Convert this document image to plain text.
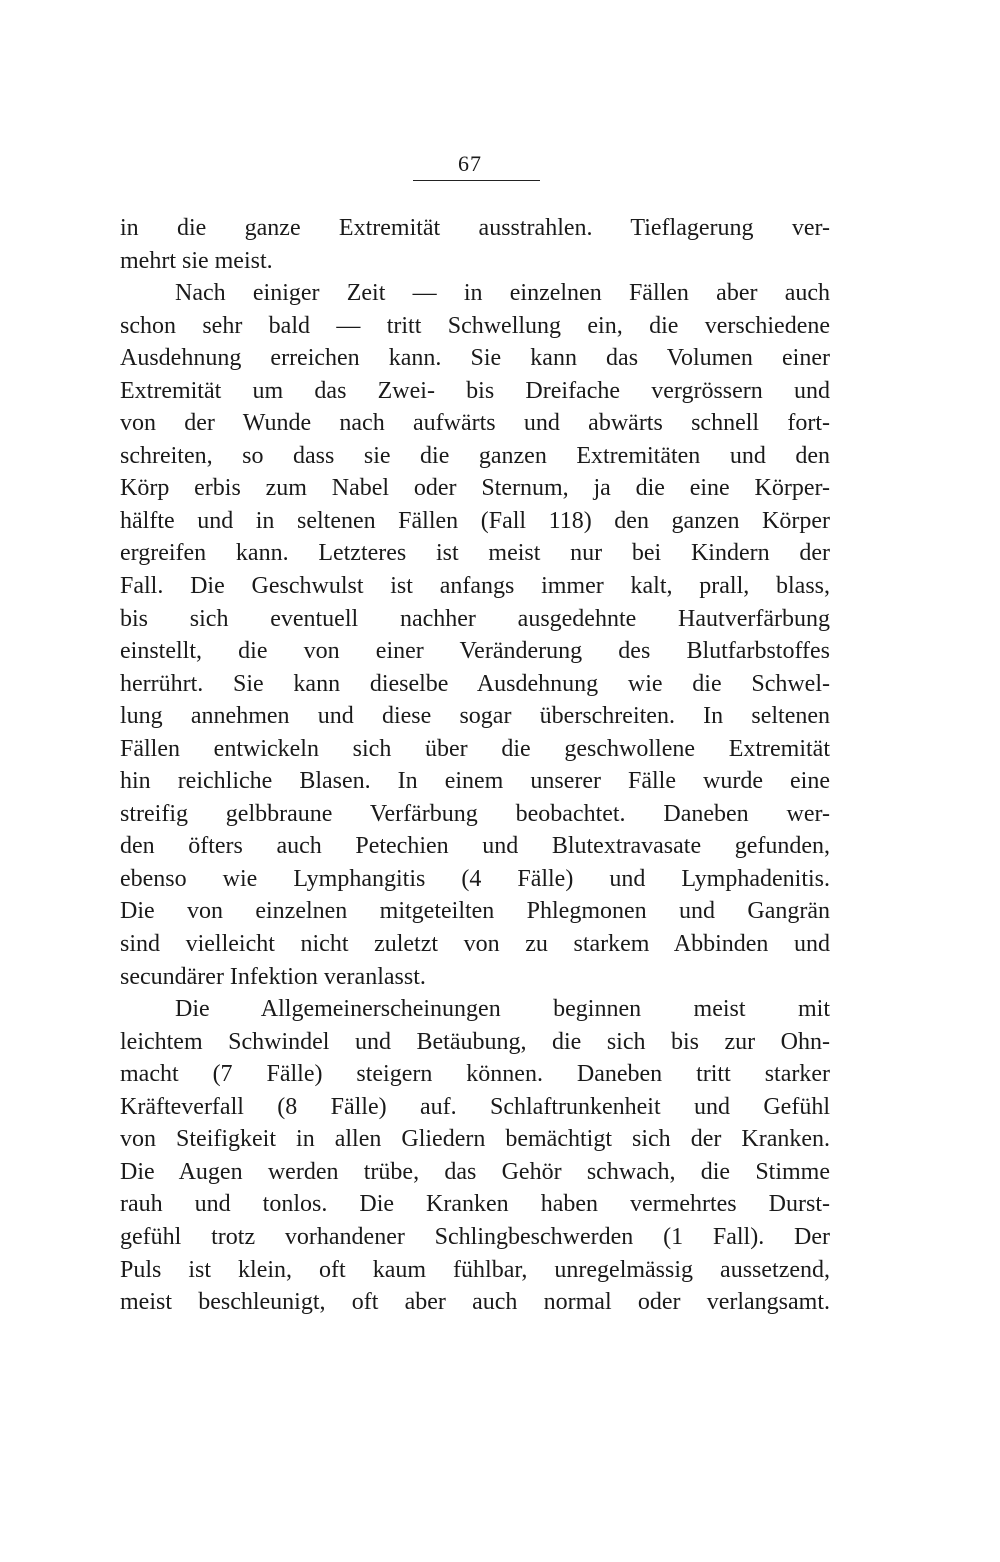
67
in die ganze Extremität ausstrahlen. Tieflagerung ver-
mehrt sie meist.
Nach einiger Zeit — in einzelnen Fällen aber auch
schon sehr bald — tritt Schwellung ein, die verschiedene
Ausdehnung erreichen kann. Sie kann das Volumen einer
Extremität um das Zwei- bis Dreifache vergrössern und
von der Wunde nach aufwärts und abwärts schnell fort-
schreiten, so dass sie die ganzen Extremitäten und den
Körp erbis zum Nabel oder Sternum, ja die eine Körper-
hälfte und in seltenen Fällen (Fall 118) den ganzen Körper
ergreifen kann. Letzteres ist meist nur bei Kindern der
Fall. Die Geschwulst ist anfangs immer kalt, prall, blass,
bis sich eventuell nachher ausgedehnte Hautverfärbung
einstellt, die von einer Veränderung des Blutfarbstoffes
herrührt. Sie kann dieselbe Ausdehnung wie die Schwel-
lung annehmen und diese sogar überschreiten. In seltenen
Fällen entwickeln sich über die geschwollene Extremität
hin reichliche Blasen. In einem unserer Fälle wurde eine
streifig gelbbraune Verfärbung beobachtet. Daneben wer-
den öfters auch Petechien und Blutextravasate gefunden,
ebenso wie Lymphangitis (4 Fälle) und Lymphadenitis.
Die von einzelnen mitgeteilten Phlegmonen und Gangrän
sind vielleicht nicht zuletzt von zu starkem Abbinden und
secundärer Infektion veranlasst.
Die Allgemeinerscheinungen beginnen meist mit
leichtem Schwindel und Betäubung, die sich bis zur Ohn-
macht (7 Fälle) steigern können. Daneben tritt starker
Kräfteverfall (8 Fälle) auf. Schlaftrunkenheit und Gefühl
von Steifigkeit in allen Gliedern bemächtigt sich der Kranken.
Die Augen werden trübe, das Gehör schwach, die Stimme
rauh und tonlos. Die Kranken haben vermehrtes Durst-
gefühl trotz vorhandener Schlingbeschwerden (1 Fall). Der
Puls ist klein, oft kaum fühlbar, unregelmässig aussetzend,
meist beschleunigt, oft aber auch normal oder verlangsamt.
